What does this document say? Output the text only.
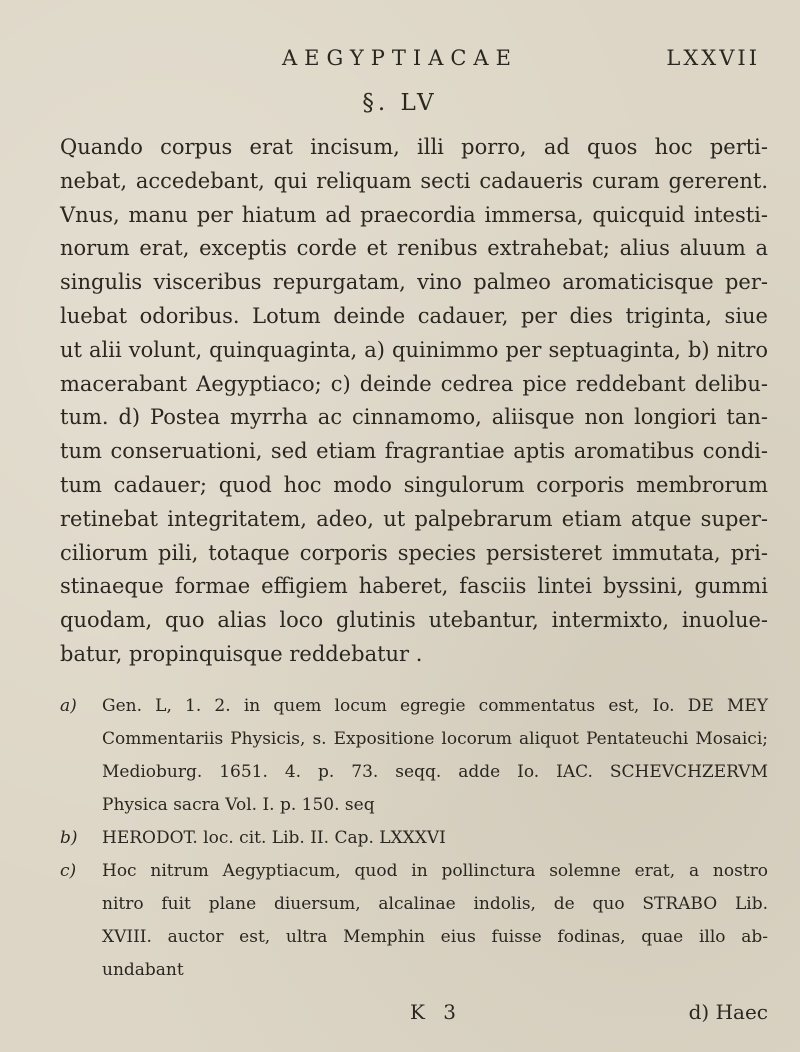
AEGYPTIACAE	LXXVII
§. LV
Quando corpus erat incisum, illi porro, ad quos hoc perti-
nebat, accedebant, qui reliquam secti cadaueris curam gererent.
Vnus, manu per hiatum ad praecordia immersa, quicquid intesti-
norum erat, exceptis corde et renibus extrahebat; alius aluum a
singulis visceribus repurgatam, vino palmeo aromaticisque per-
luebat odoribus. Lotum deinde cadauer, per dies triginta, siue
ut alii volunt, quinquaginta, a) quinimmo per septuaginta, b) nitro
macerabant Aegyptiaco; c) deinde cedrea pice reddebant delibu-
tum. d) Postea myrrha ac cinnamomo, aliisque non longiori tan-
tum conseruationi, sed etiam fragrantiae aptis aromatibus condi-
tum cadauer; quod hoc modo singulorum corporis membrorum
retinebat integritatem, adeo, ut palpebrarum etiam atque super-
ciliorum pili, totaque corporis species persisteret immutata, pri-
stinaeque formae effigiem haberet, fasciis lintei byssini, gummi
quodam, quo alias loco glutinis utebantur, intermixto, inuolue-
batur, propinquisque reddebatur .
a) Gen. L, 1. 2. in quem locum egregie commentatus est, Io. DE MEY
Commentariis Physicis, s. Expositione locorum aliquot Pentateuchi Mosaici;
Medioburg. 1651. 4. p. 73. seqq. adde Io. IAC. SCHEVCHZERVM
Physica sacra Vol. I. p. 150. seq
b) HERODOT. loc. cit. Lib. II. Cap. LXXXVI
c) Hoc nitrum Aegyptiacum, quod in pollinctura solemne erat, a nostro
nitro fuit plane diuersum, alcalinae indolis, de quo STRABO Lib.
XVIII. auctor est, ultra Memphin eius fuisse fodinas, quae illo ab-
undabant
K 3	d) Haec
